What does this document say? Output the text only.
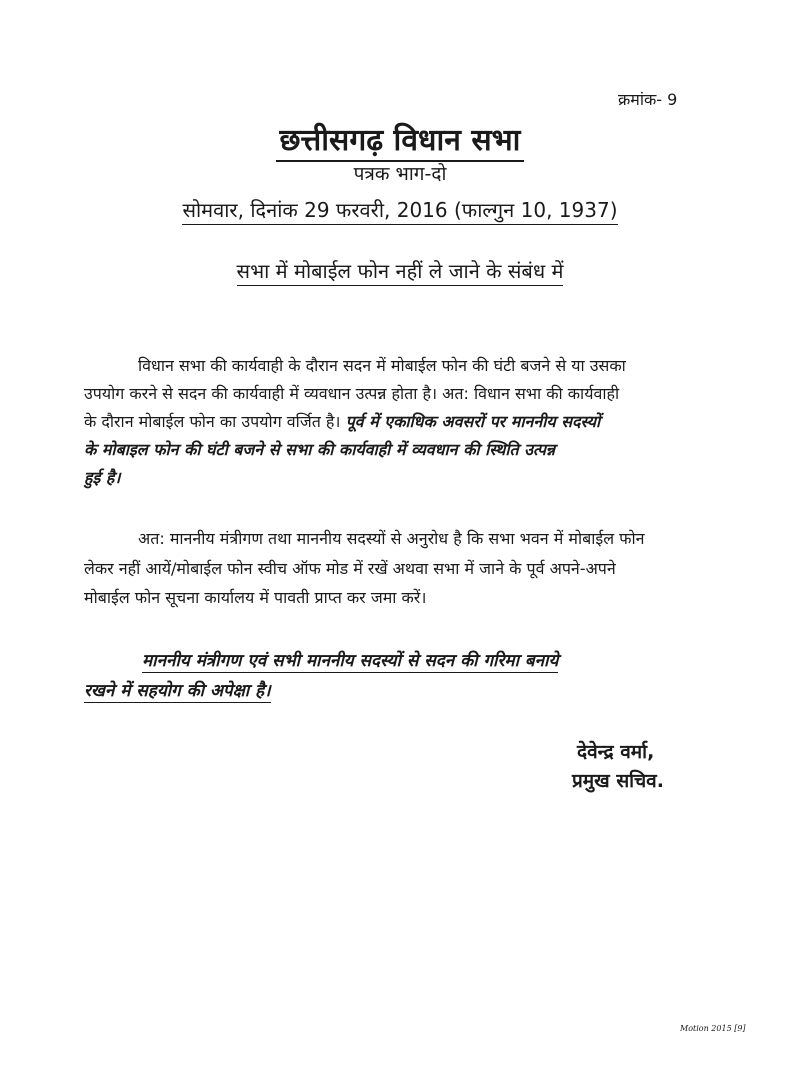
क्रमांक- 9
छत्तीसगढ़ विधान सभा
पत्रक भाग-दो
सोमवार, दिनांक 29 फरवरी, 2016 (फाल्गुन 10, 1937)
सभा में मोबाईल फोन नहीं ले जाने के संबंध में
विधान सभा की कार्यवाही के दौरान सदन में मोबाईल फोन की घंटी बजने से या उसका
उपयोग करने से सदन की कार्यवाही में व्यवधान उत्पन्न होता है। अत: विधान सभा की कार्यवाही
के दौरान मोबाईल फोन का उपयोग वर्जित है। पूर्व में एकाधिक अवसरों पर माननीय सदस्यों
के मोबाइल फोन की घंटी बजने से सभा की कार्यवाही में व्यवधान की स्थिति उत्पन्न
हुई है।
अत: माननीय मंत्रीगण तथा माननीय सदस्यों से अनुरोध है कि सभा भवन में मोबाईल फोन
लेकर नहीं आयें/मोबाईल फोन स्वीच ऑफ मोड में रखें अथवा सभा में जाने के पूर्व अपने-अपने
मोबाईल फोन सूचना कार्यालय में पावती प्राप्त कर जमा करें।
माननीय मंत्रीगण एवं सभी माननीय सदस्यों से सदन की गरिमा बनाये
रखने में सहयोग की अपेक्षा है।
देवेन्द्र वर्मा,
प्रमुख सचिव.
Motion 2015 [9]
